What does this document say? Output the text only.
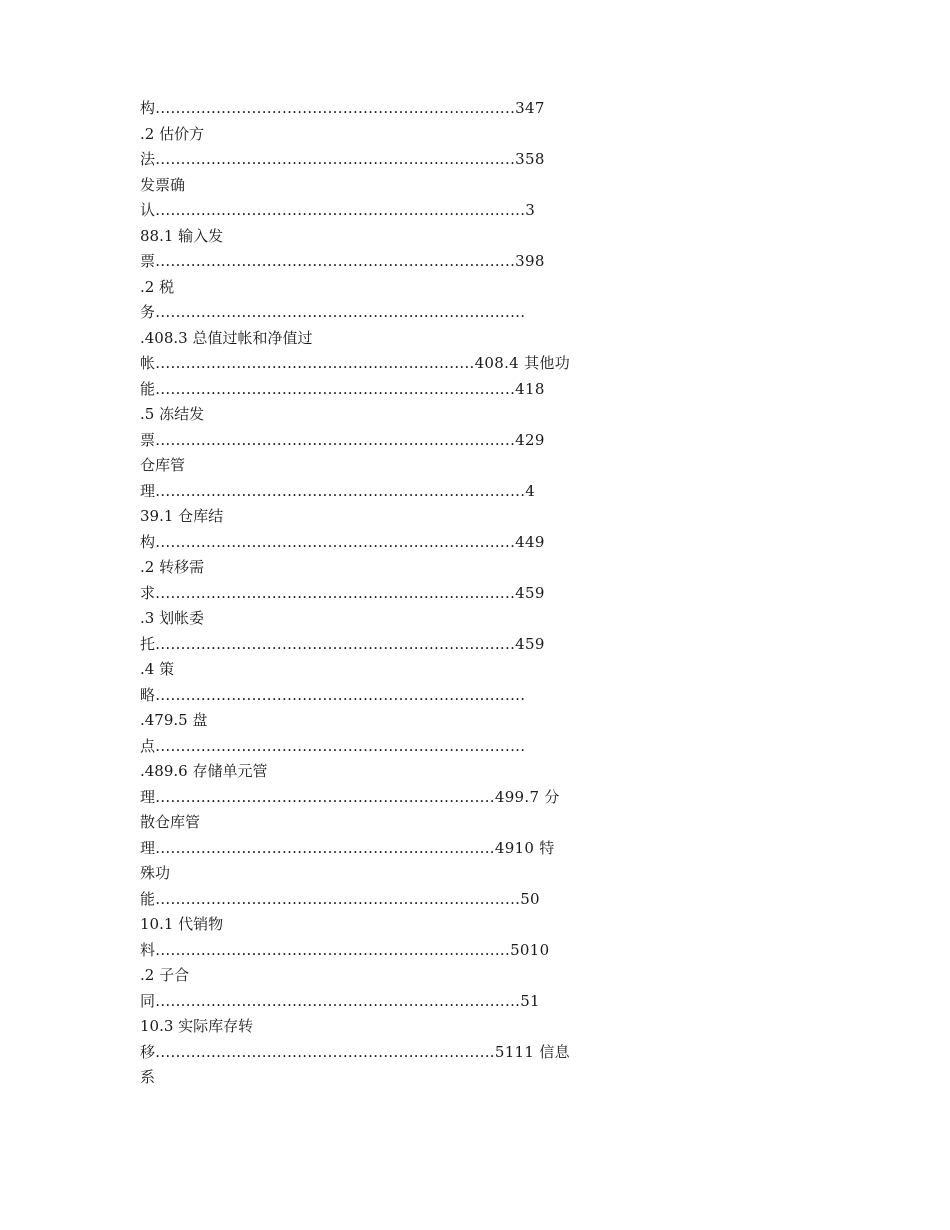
构.......................................................................347
.2 估价方
法.......................................................................358
发票确
认.........................................................................3
88.1 输入发
票.......................................................................398
.2 税
务.........................................................................
.408.3 总值过帐和净值过
帐...............................................................408.4 其他功
能.......................................................................418
.5 冻结发
票.......................................................................429
仓库管
理.........................................................................4
39.1 仓库结
构.......................................................................449
.2 转移需
求.......................................................................459
.3 划帐委
托.......................................................................459
.4 策
略.........................................................................
.479.5 盘
点.........................................................................
.489.6 存储单元管
理...................................................................499.7 分
散仓库管
理...................................................................4910 特
殊功
能........................................................................50
10.1 代销物
料......................................................................5010
.2 子合
同........................................................................51
10.3 实际库存转
移...................................................................5111 信息
系
